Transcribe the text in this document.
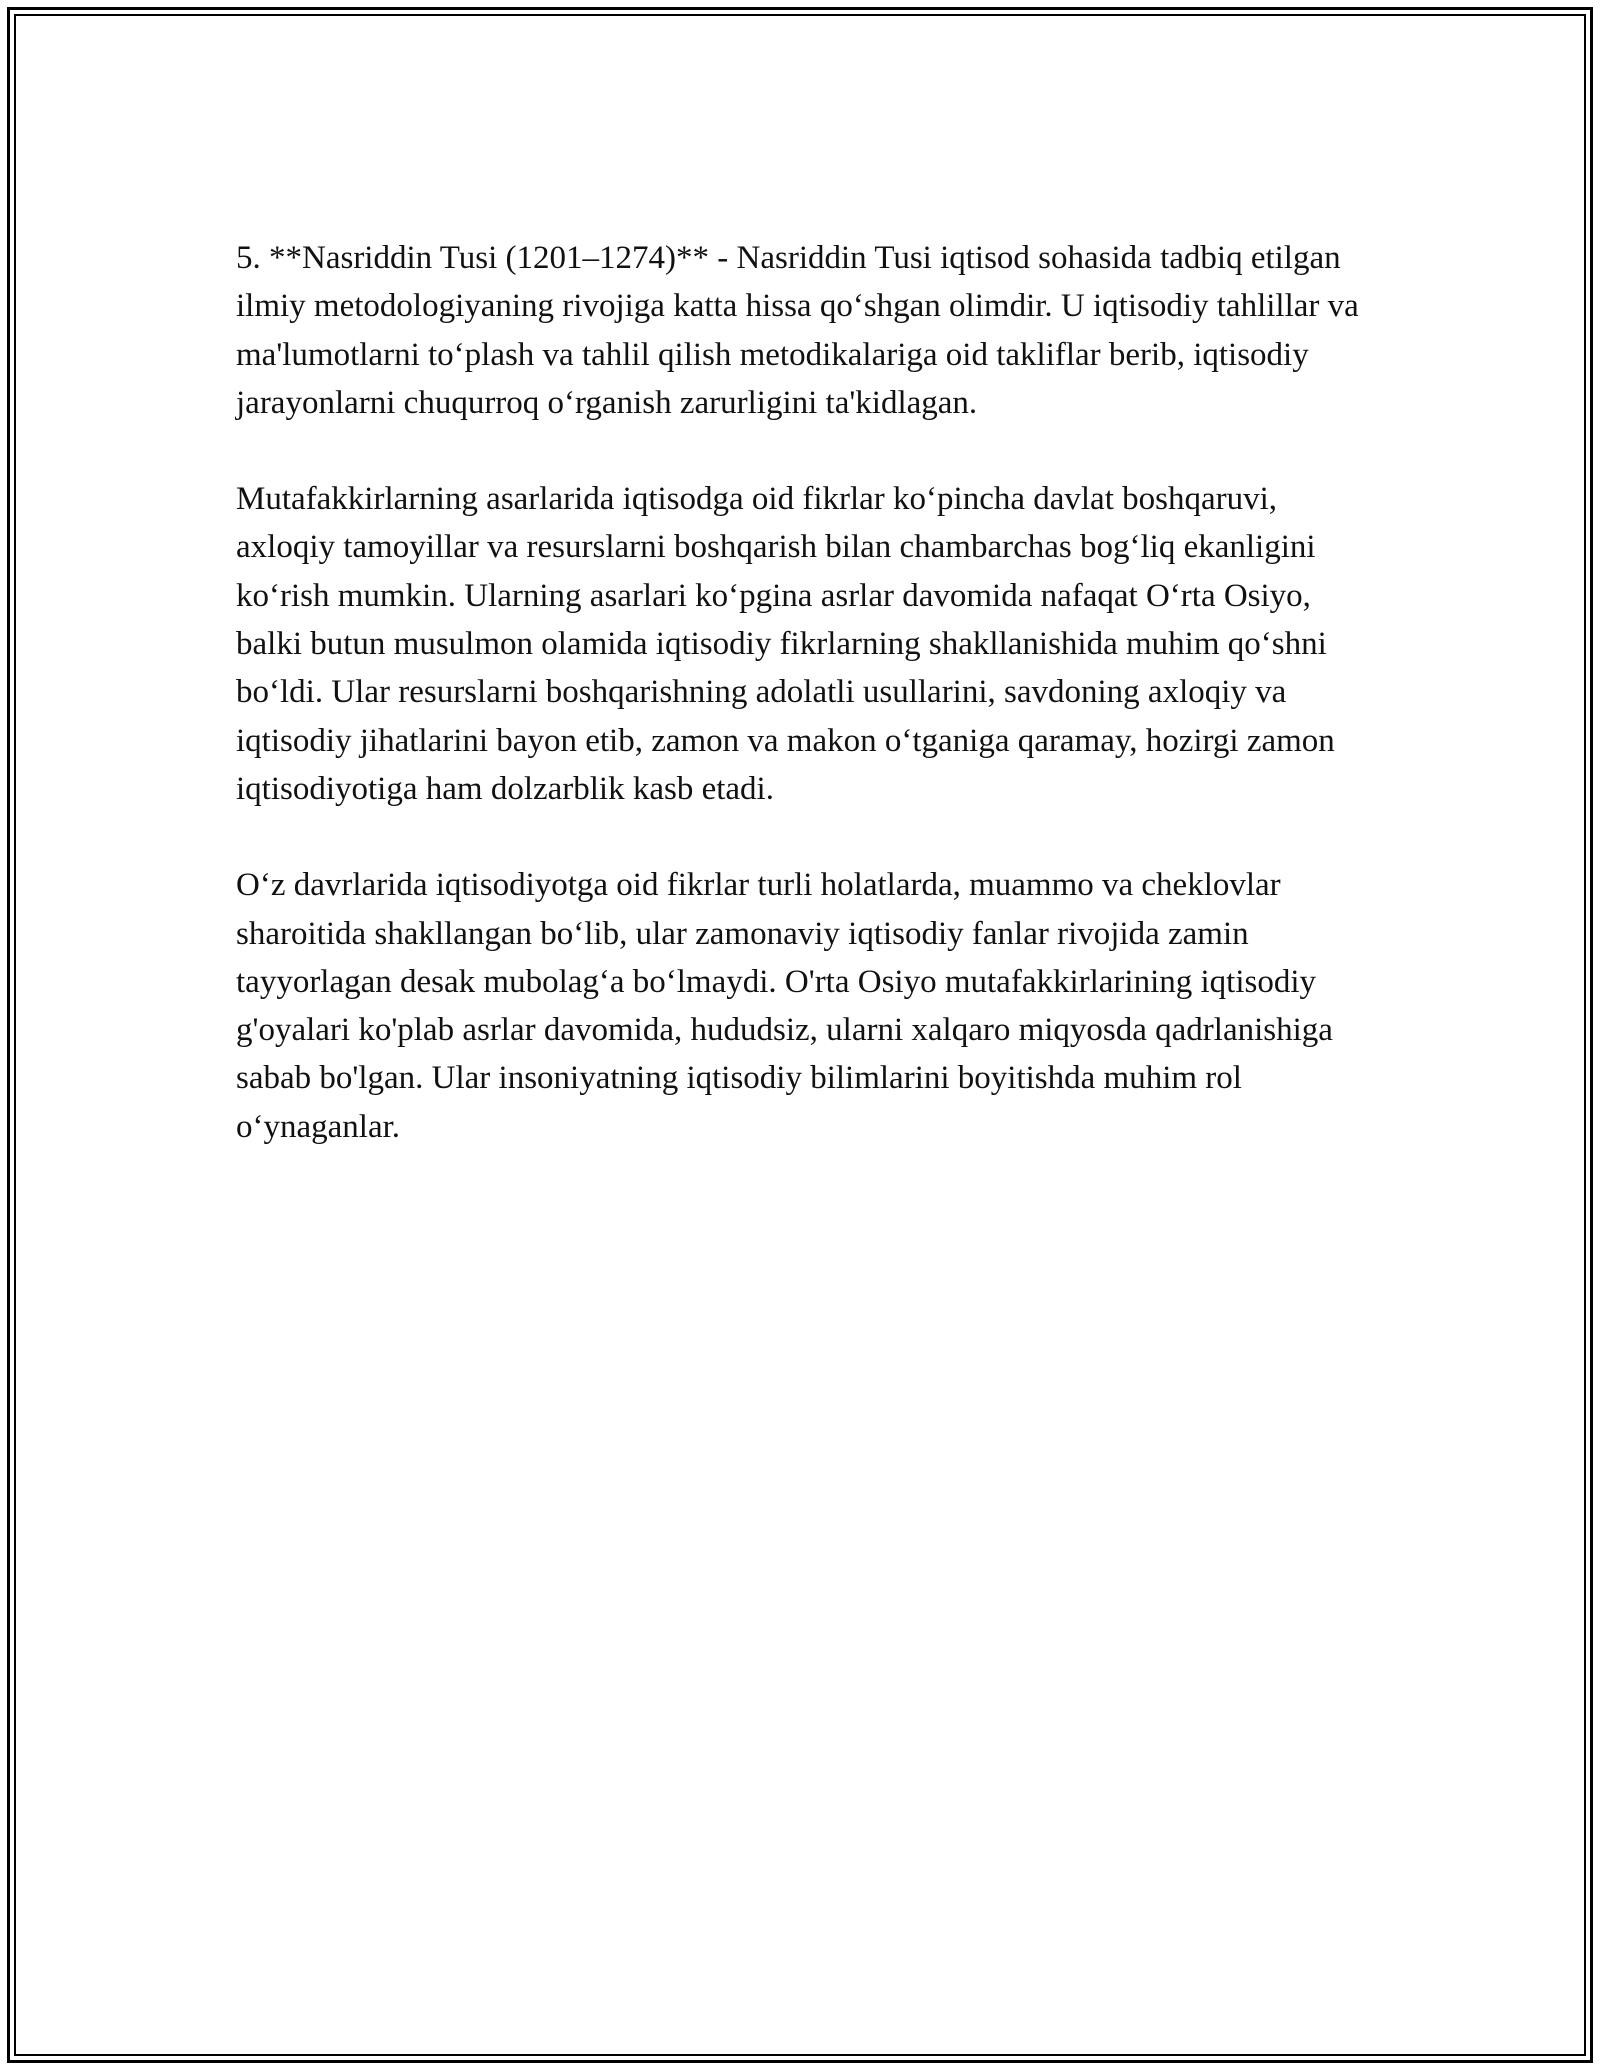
5. **Nasriddin Tusi (1201–1274)** - Nasriddin Tusi iqtisod sohasida tadbiq etilgan ilmiy metodologiyaning rivojiga katta hissa qoʻshgan olimdir. U iqtisodiy tahlillar va ma'lumotlarni toʻplash va tahlil qilish metodikalariga oid takliflar berib, iqtisodiy jarayonlarni chuqurroq oʻrganish zarurligini ta'kidlagan.

Mutafakkirlarning asarlarida iqtisodga oid fikrlar koʻpincha davlat boshqaruvi, axloqiy tamoyillar va resurslarni boshqarish bilan chambarchas bogʻliq ekanligini koʻrish mumkin. Ularning asarlari koʻpgina asrlar davomida nafaqat Oʻrta Osiyo, balki butun musulmon olamida iqtisodiy fikrlarning shakllanishida muhim qoʻshni boʻldi. Ular resurslarni boshqarishning adolatli usullarini, savdoning axloqiy va iqtisodiy jihatlarini bayon etib, zamon va makon oʻtganiga qaramay, hozirgi zamon iqtisodiyotiga ham dolzarblik kasb etadi.

Oʻz davrlarida iqtisodiyotga oid fikrlar turli holatlarda, muammo va cheklovlar sharoitida shakllangan boʻlib, ular zamonaviy iqtisodiy fanlar rivojida zamin tayyorlagan desak mubolagʻa boʻlmaydi. O'rta Osiyo mutafakkirlarining iqtisodiy g'oyalari ko'plab asrlar davomida, hududsiz, ularni xalqaro miqyosda qadrlanishiga sabab bo'lgan. Ular insoniyatning iqtisodiy bilimlarini boyitishda muhim rol oʻynaganlar.
